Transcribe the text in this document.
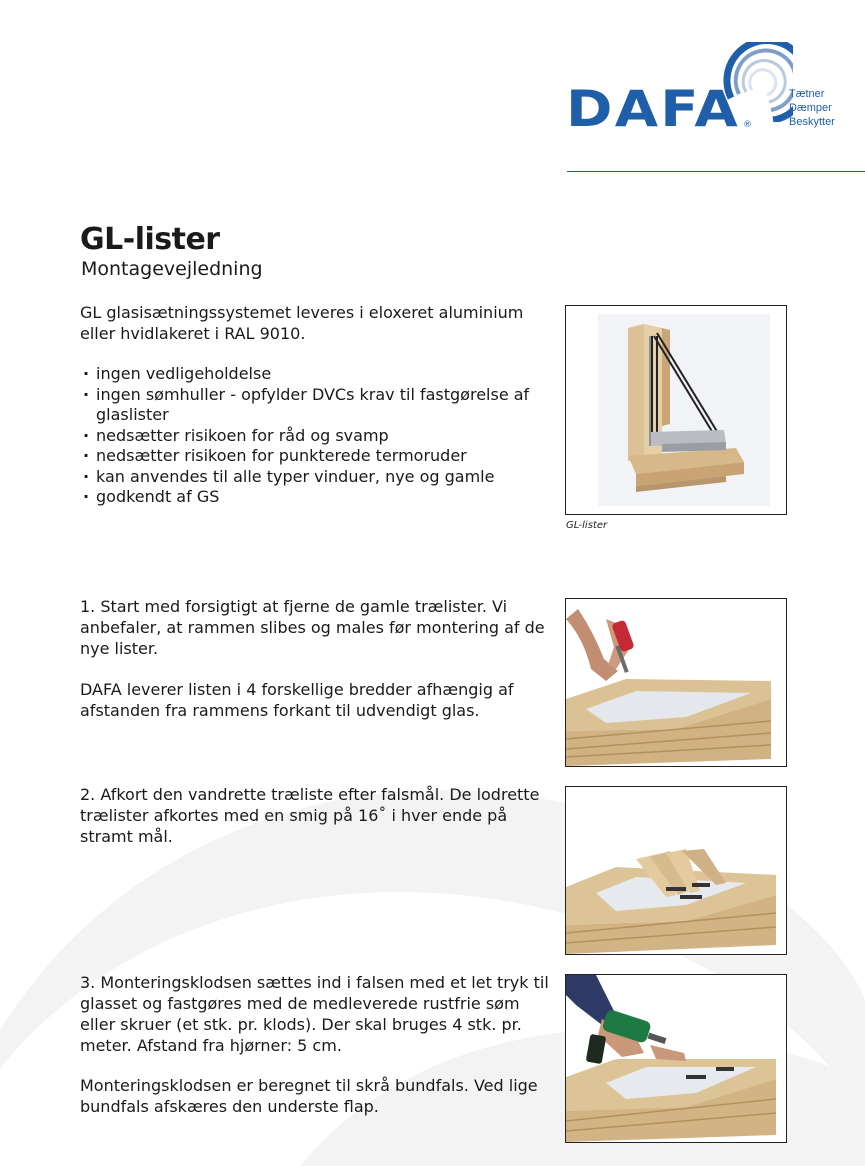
DAFA ®
Tætner
Dæmper
Beskytter
GL-lister
Montagevejledning
GL glasisætningssystemet leveres i eloxeret aluminium eller hvidlakeret i RAL 9010.
· ingen vedligeholdelse
· ingen sømhuller - opfylder DVCs krav til fastgørelse af glaslister
· nedsætter risikoen for råd og svamp
· nedsætter risikoen for punkterede termoruder
· kan anvendes til alle typer vinduer, nye og gamle
· godkendt af GS
GL-lister
1. Start med forsigtigt at fjerne de gamle trælister. Vi anbefaler, at rammen slibes og males før montering af de nye lister.
DAFA leverer listen i 4 forskellige bredder afhængig af afstanden fra rammens forkant til udvendigt glas.
2. Afkort den vandrette træliste efter falsmål. De lodrette trælister afkortes med en smig på 16˚ i hver ende på stramt mål.
3. Monteringsklodsen sættes ind i falsen med et let tryk til glasset og fastgøres med de medleverede rustfrie søm eller skruer (et stk. pr. klods). Der skal bruges 4 stk. pr. meter. Afstand fra hjørner: 5 cm.
Monteringsklodsen er beregnet til skrå bundfals. Ved lige bundfals afskæres den underste flap.
